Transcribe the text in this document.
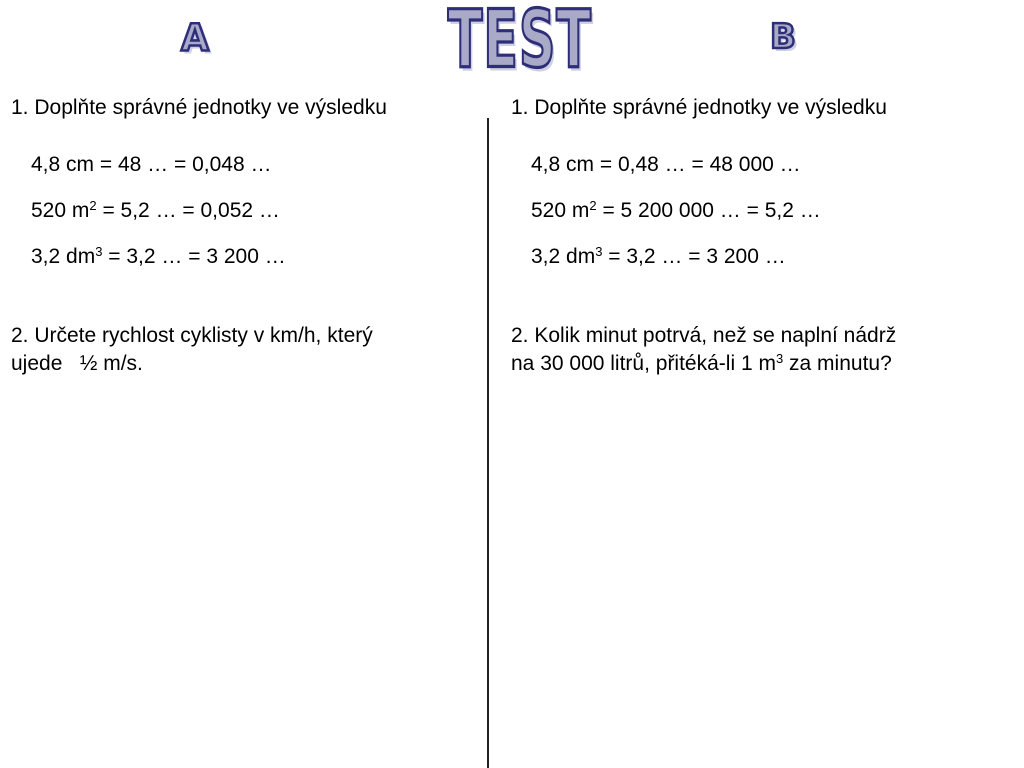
A	TEST	B
1. Doplňte správné jednotky ve výsledku
4,8 cm = 48 … = 0,048 …
520 $m^2 = 5,2$ … = 0,052 …
3,2 $dm^3 = 3,2$ … = 3 200 …
2. Určete rychlost cyklisty v km/h, který
ujede   ½ m/s.
1. Doplňte správné jednotky ve výsledku
4,8 cm = 0,48 … = 48 000 …
520 $m^2 = 5$ 200 000 … = 5,2 …
3,2 $dm^3 = 3,2$ … = 3 200 …
2. Kolik minut potrvá, než se naplní nádrž
na 30 000 litrů, přitéká-li 1 $m^3$ za minutu?
